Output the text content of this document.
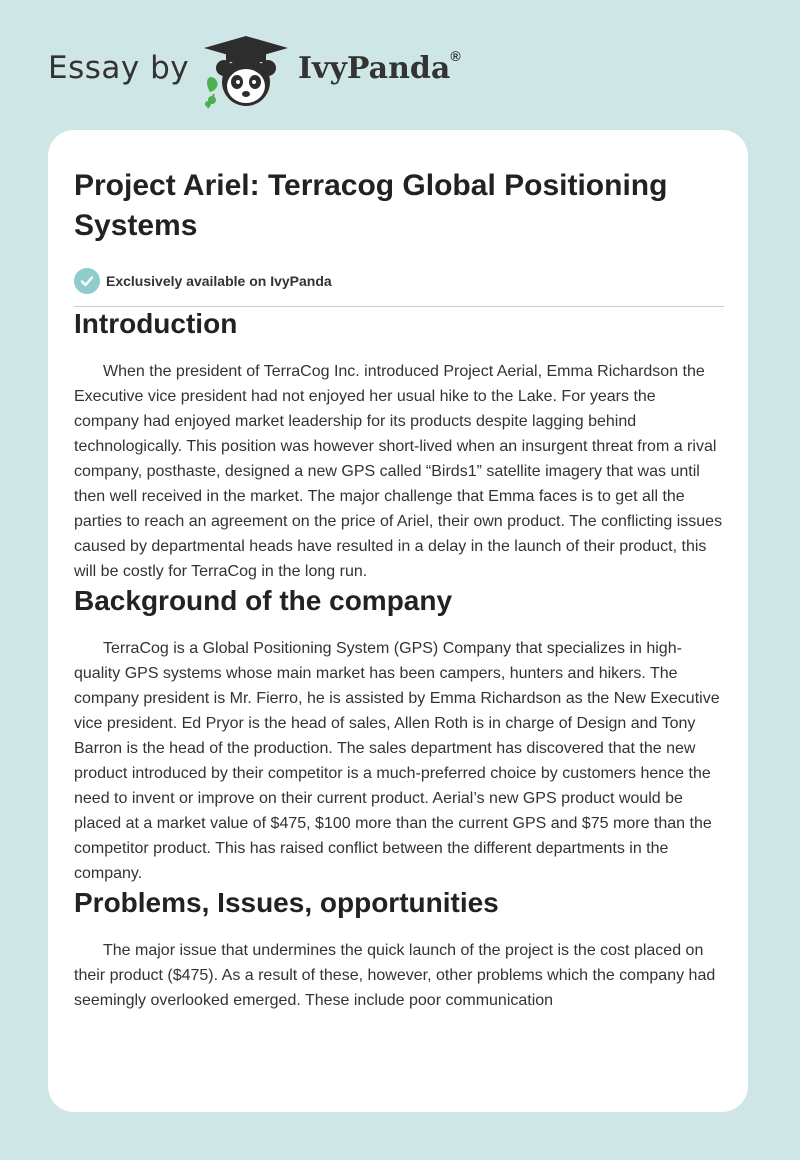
Essay by	IvyPanda®
Project Ariel: Terracog Global Positioning Systems
Exclusively available on IvyPanda
Introduction

When the president of TerraCog Inc. introduced Project Aerial, Emma Richardson the Executive vice president had not enjoyed her usual hike to the Lake. For years the company had enjoyed market leadership for its products despite lagging behind technologically. This position was however short-lived when an insurgent threat from a rival company, posthaste, designed a new GPS called “Birds1” satellite imagery that was until then well received in the market. The major challenge that Emma faces is to get all the parties to reach an agreement on the price of Ariel, their own product. The conflicting issues caused by departmental heads have resulted in a delay in the launch of their product, this will be costly for TerraCog in the long run.

Background of the company

TerraCog is a Global Positioning System (GPS) Company that specializes in high-quality GPS systems whose main market has been campers, hunters and hikers. The company president is Mr. Fierro, he is assisted by Emma Richardson as the New Executive vice president. Ed Pryor is the head of sales, Allen Roth is in charge of Design and Tony Barron is the head of the production. The sales department has discovered that the new product introduced by their competitor is a much-preferred choice by customers hence the need to invent or improve on their current product. Aerial’s new GPS product would be placed at a market value of $475, $100 more than the current GPS and $75 more than the competitor product. This has raised conflict between the different departments in the company.

Problems, Issues, opportunities

The major issue that undermines the quick launch of the project is the cost placed on their product ($475). As a result of these, however, other problems which the company had seemingly overlooked emerged. These include poor communication
